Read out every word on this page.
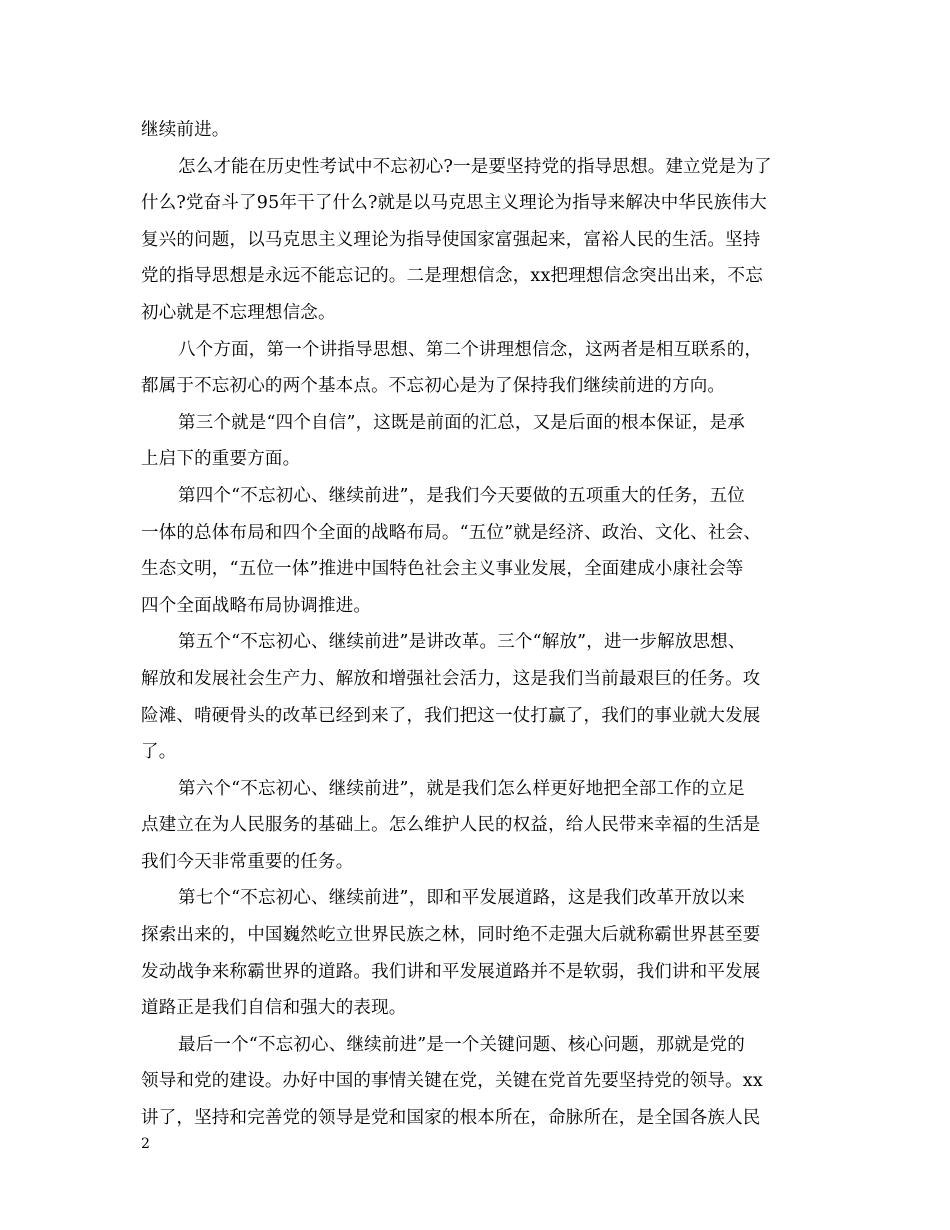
继续前进。

怎么才能在历史性考试中不忘初心?一是要坚持党的指导思想。建立党是为了
什么?党奋斗了95年干了什么?就是以马克思主义理论为指导来解决中华民族伟大
复兴的问题，以马克思主义理论为指导使国家富强起来，富裕人民的生活。坚持
党的指导思想是永远不能忘记的。二是理想信念，xx把理想信念突出出来，不忘
初心就是不忘理想信念。

八个方面，第一个讲指导思想、第二个讲理想信念，这两者是相互联系的，
都属于不忘初心的两个基本点。不忘初心是为了保持我们继续前进的方向。

第三个就是“四个自信”，这既是前面的汇总，又是后面的根本保证，是承
上启下的重要方面。

第四个“不忘初心、继续前进”，是我们今天要做的五项重大的任务，五位
一体的总体布局和四个全面的战略布局。“五位”就是经济、政治、文化、社会、
生态文明，“五位一体”推进中国特色社会主义事业发展，全面建成小康社会等
四个全面战略布局协调推进。

第五个“不忘初心、继续前进”是讲改革。三个“解放”，进一步解放思想、
解放和发展社会生产力、解放和增强社会活力，这是我们当前最艰巨的任务。攻
险滩、啃硬骨头的改革已经到来了，我们把这一仗打赢了，我们的事业就大发展
了。

第六个“不忘初心、继续前进”，就是我们怎么样更好地把全部工作的立足
点建立在为人民服务的基础上。怎么维护人民的权益，给人民带来幸福的生活是
我们今天非常重要的任务。

第七个“不忘初心、继续前进”，即和平发展道路，这是我们改革开放以来
探索出来的，中国巍然屹立世界民族之林，同时绝不走强大后就称霸世界甚至要
发动战争来称霸世界的道路。我们讲和平发展道路并不是软弱，我们讲和平发展
道路正是我们自信和强大的表现。

最后一个“不忘初心、继续前进”是一个关键问题、核心问题，那就是党的
领导和党的建设。办好中国的事情关键在党，关键在党首先要坚持党的领导。xx
讲了，坚持和完善党的领导是党和国家的根本所在，命脉所在，是全国各族人民

2
